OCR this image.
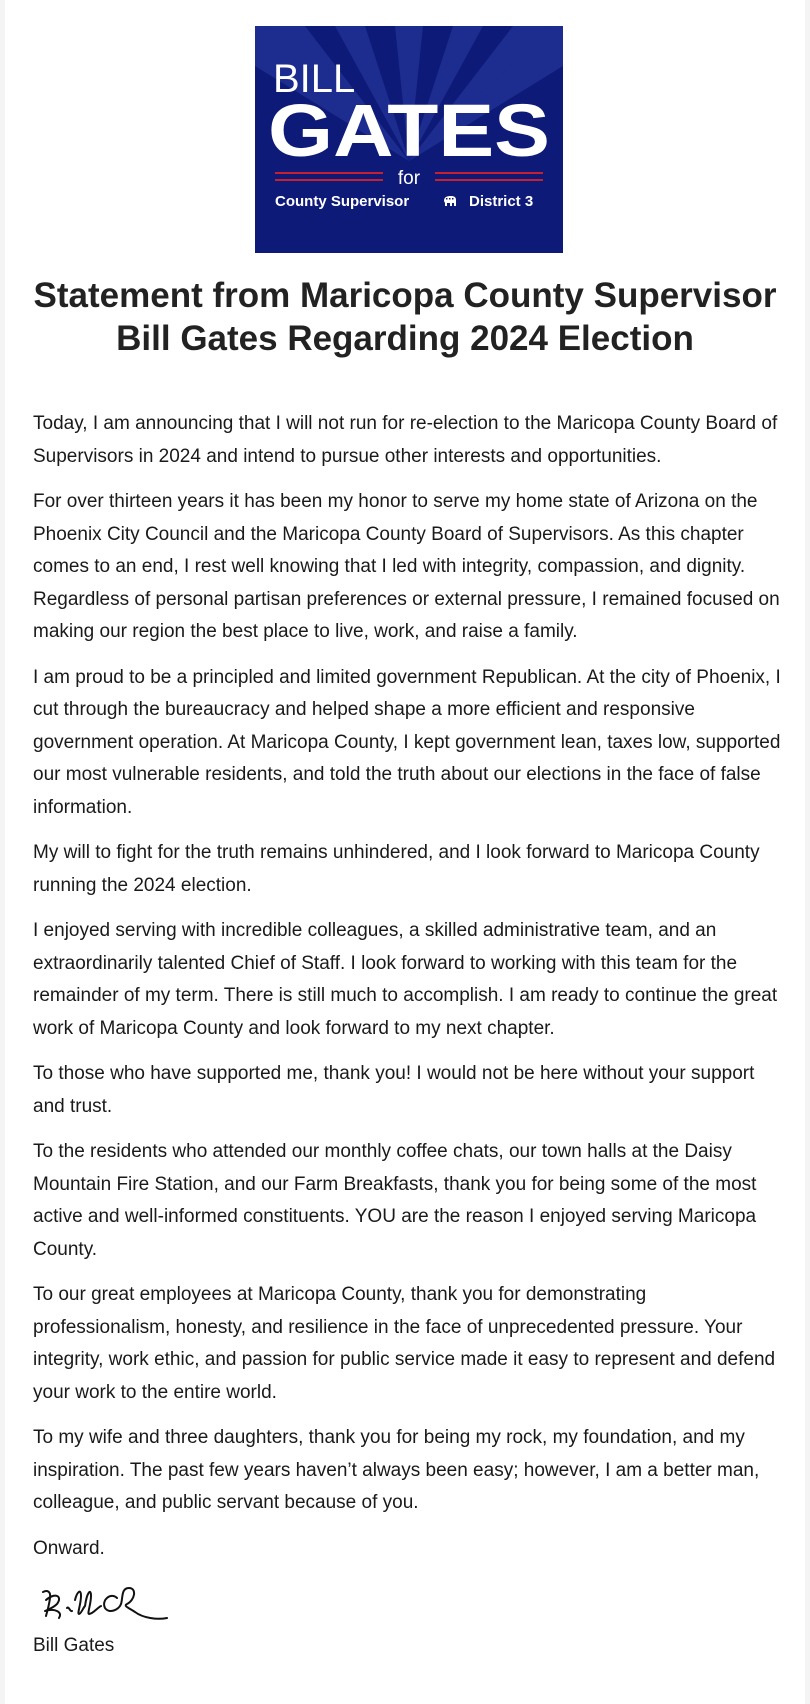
BILL
GATES
for
County Supervisor	District 3
Statement from Maricopa County Supervisor Bill Gates Regarding 2024 Election

Today, I am announcing that I will not run for re-election to the Maricopa County Board of Supervisors in 2024 and intend to pursue other interests and opportunities.

For over thirteen years it has been my honor to serve my home state of Arizona on the Phoenix City Council and the Maricopa County Board of Supervisors. As this chapter comes to an end, I rest well knowing that I led with integrity, compassion, and dignity. Regardless of personal partisan preferences or external pressure, I remained focused on making our region the best place to live, work, and raise a family.

I am proud to be a principled and limited government Republican. At the city of Phoenix, I cut through the bureaucracy and helped shape a more efficient and responsive government operation. At Maricopa County, I kept government lean, taxes low, supported our most vulnerable residents, and told the truth about our elections in the face of false information.

My will to fight for the truth remains unhindered, and I look forward to Maricopa County running the 2024 election.

I enjoyed serving with incredible colleagues, a skilled administrative team, and an extraordinarily talented Chief of Staff. I look forward to working with this team for the remainder of my term. There is still much to accomplish. I am ready to continue the great work of Maricopa County and look forward to my next chapter.

To those who have supported me, thank you! I would not be here without your support and trust.

To the residents who attended our monthly coffee chats, our town halls at the Daisy Mountain Fire Station, and our Farm Breakfasts, thank you for being some of the most active and well-informed constituents. YOU are the reason I enjoyed serving Maricopa County.

To our great employees at Maricopa County, thank you for demonstrating professionalism, honesty, and resilience in the face of unprecedented pressure. Your integrity, work ethic, and passion for public service made it easy to represent and defend your work to the entire world.

To my wife and three daughters, thank you for being my rock, my foundation, and my inspiration. The past few years haven’t always been easy; however, I am a better man, colleague, and public servant because of you.

Onward.

Bill Gates
